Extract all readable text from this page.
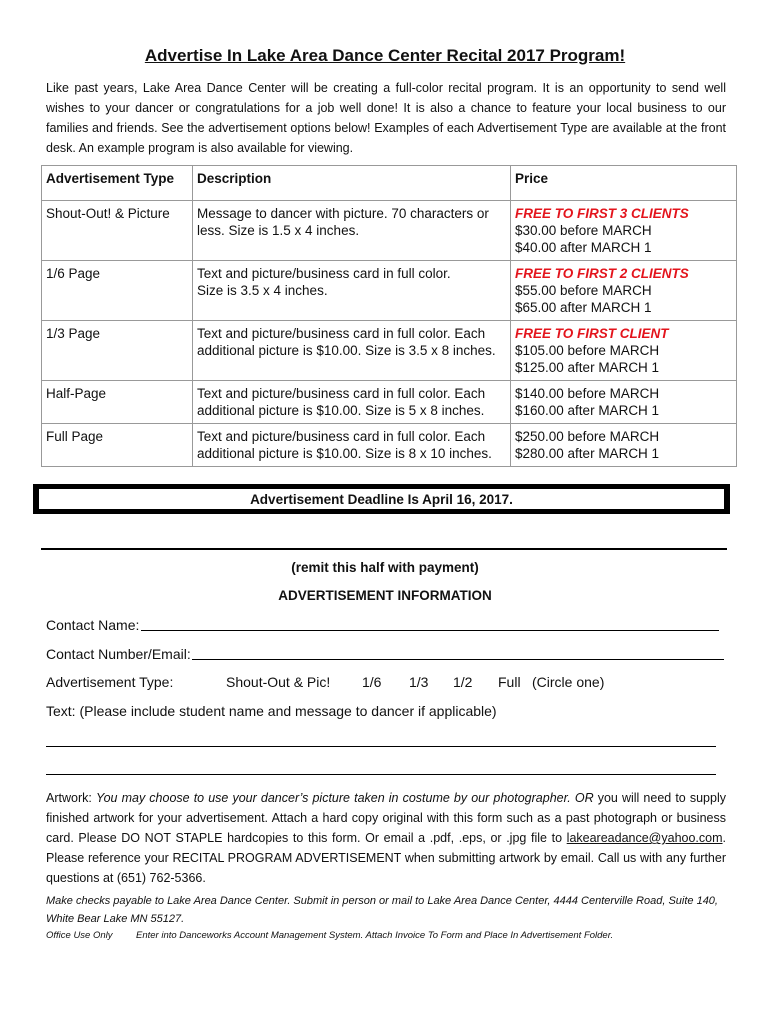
Advertise In Lake Area Dance Center Recital 2017 Program!
Like past years, Lake Area Dance Center will be creating a full-color recital program. It is an opportunity to send well wishes to your dancer or congratulations for a job well done! It is also a chance to feature your local business to our families and friends. See the advertisement options below! Examples of each Advertisement Type are available at the front desk. An example program is also available for viewing.
Advertisement Type	Description	Price
Shout-Out! & Picture	Message to dancer with picture. 70 characters or
less. Size is 1.5 x 4 inches.	FREE TO FIRST 3 CLIENTS
$30.00 before MARCH
$40.00 after MARCH 1

1/6 Page	Text and picture/business card in full color.
Size is 3.5 x 4 inches.	FREE TO FIRST 2 CLIENTS
$55.00 before MARCH
$65.00 after MARCH 1

1/3 Page	Text and picture/business card in full color. Each
additional picture is $10.00. Size is 3.5 x 8 inches.	FREE TO FIRST CLIENT
$105.00 before MARCH
$125.00 after MARCH 1

Half-Page	Text and picture/business card in full color. Each
additional picture is $10.00. Size is 5 x 8 inches.	$140.00 before MARCH
$160.00 after MARCH 1

Full Page	Text and picture/business card in full color. Each
additional picture is $10.00. Size is 8 x 10 inches.	$250.00 before MARCH
$280.00 after MARCH 1
Advertisement Deadline Is April 16, 2017.
(remit this half with payment)
ADVERTISEMENT INFORMATION
Contact Name:
Contact Number/Email:
Advertisement Type:	Shout-Out & Pic! 1/6 1/3 1/2 Full (Circle one)
Text: (Please include student name and message to dancer if applicable)
Artwork: You may choose to use your dancer’s picture taken in costume by our photographer. OR you will need to supply finished artwork for your advertisement. Attach a hard copy original with this form such as a past photograph or business card. Please DO NOT STAPLE hardcopies to this form. Or email a .pdf, .eps, or .jpg file to lakeareadance@yahoo.com. Please reference your RECITAL PROGRAM ADVERTISEMENT when submitting artwork by email. Call us with any further questions at (651) 762-5366.
Make checks payable to Lake Area Dance Center. Submit in person or mail to Lake Area Dance Center, 4444 Centerville Road, Suite 140, White Bear Lake MN 55127.
Office Use Only Enter into Danceworks Account Management System. Attach Invoice To Form and Place In Advertisement Folder.
